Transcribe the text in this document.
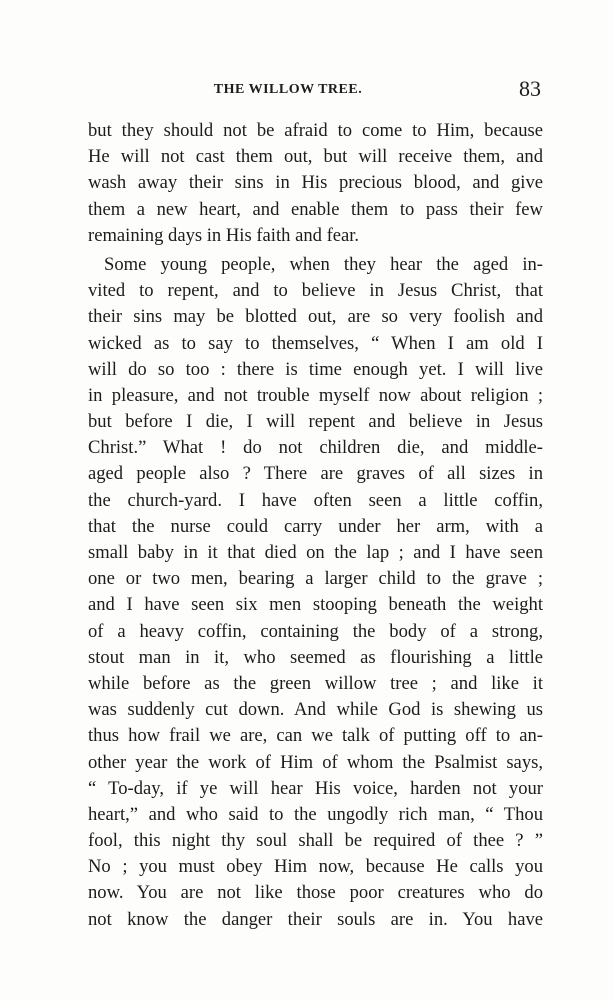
THE WILLOW TREE.	83
but they should not be afraid to come to Him, because
He will not cast them out, but will receive them, and
wash away their sins in His precious blood, and give
them a new heart, and enable them to pass their few
remaining days in His faith and fear.
Some young people, when they hear the aged in-
vited to repent, and to believe in Jesus Christ, that
their sins may be blotted out, are so very foolish and
wicked as to say to themselves, “ When I am old I
will do so too : there is time enough yet. I will live
in pleasure, and not trouble myself now about religion ;
but before I die, I will repent and believe in Jesus
Christ.” What ! do not children die, and middle-
aged people also ? There are graves of all sizes in
the church-yard. I have often seen a little coffin,
that the nurse could carry under her arm, with a
small baby in it that died on the lap ; and I have seen
one or two men, bearing a larger child to the grave ;
and I have seen six men stooping beneath the weight
of a heavy coffin, containing the body of a strong,
stout man in it, who seemed as flourishing a little
while before as the green willow tree ; and like it
was suddenly cut down. And while God is shewing us
thus how frail we are, can we talk of putting off to an-
other year the work of Him of whom the Psalmist says,
“ To-day, if ye will hear His voice, harden not your
heart,” and who said to the ungodly rich man, “ Thou
fool, this night thy soul shall be required of thee ? ”
No ; you must obey Him now, because He calls you
now. You are not like those poor creatures who do
not know the danger their souls are in. You have
